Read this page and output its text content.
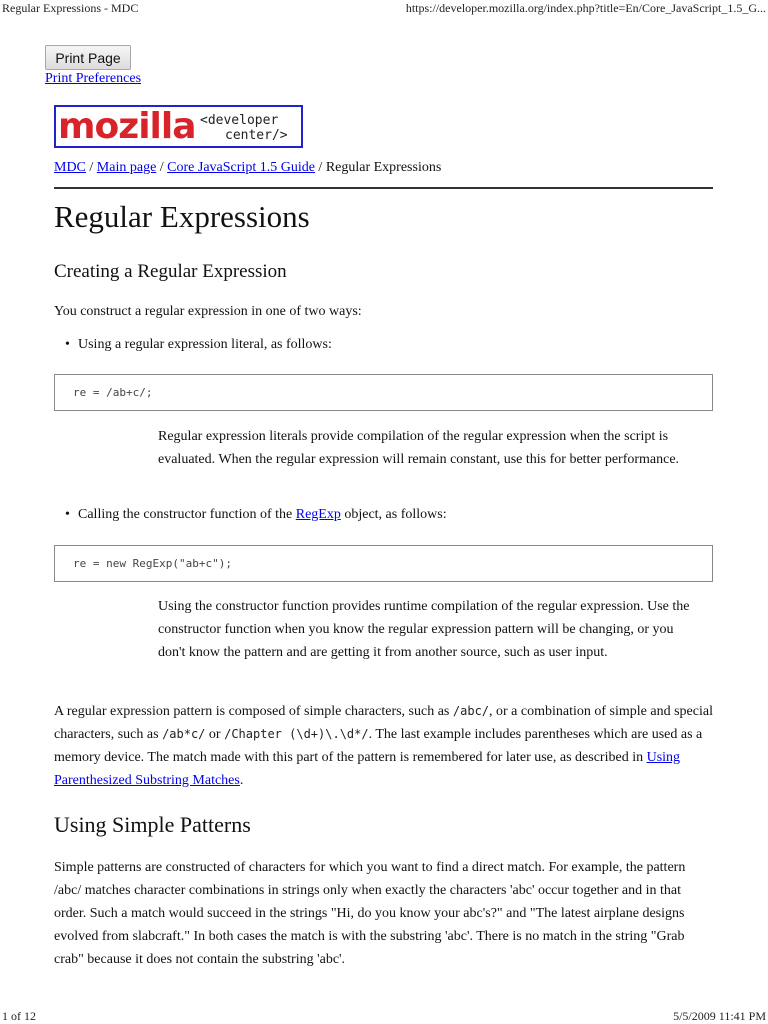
Regular Expressions - MDC	https://developer.mozilla.org/index.php?title=En/Core_JavaScript_1.5_G...
Print Page
Print Preferences
mozilla <developer
center/>
MDC / Main page / Core JavaScript 1.5 Guide / Regular Expressions
Regular Expressions
Creating a Regular Expression

You construct a regular expression in one of two ways:

• Using a regular expression literal, as follows:
re = /ab+c/;

Regular expression literals provide compilation of the regular expression when the script is evaluated. When the regular expression will remain constant, use this for better performance.

• Calling the constructor function of the RegExp object, as follows:
re = new RegExp("ab+c");

Using the constructor function provides runtime compilation of the regular expression. Use the constructor function when you know the regular expression pattern will be changing, or you don't know the pattern and are getting it from another source, such as user input.

A regular expression pattern is composed of simple characters, such as /abc/, or a combination of simple and special characters, such as /ab*c/ or /Chapter (\d+)\.\d*/. The last example includes parentheses which are used as a memory device. The match made with this part of the pattern is remembered for later use, as described in Using Parenthesized Substring Matches.

Using Simple Patterns

Simple patterns are constructed of characters for which you want to find a direct match. For example, the pattern /abc/ matches character combinations in strings only when exactly the characters 'abc' occur together and in that order. Such a match would succeed in the strings "Hi, do you know your abc's?" and "The latest airplane designs evolved from slabcraft." In both cases the match is with the substring 'abc'. There is no match in the string "Grab crab" because it does not contain the substring 'abc'.

1 of 12	5/5/2009 11:41 PM
